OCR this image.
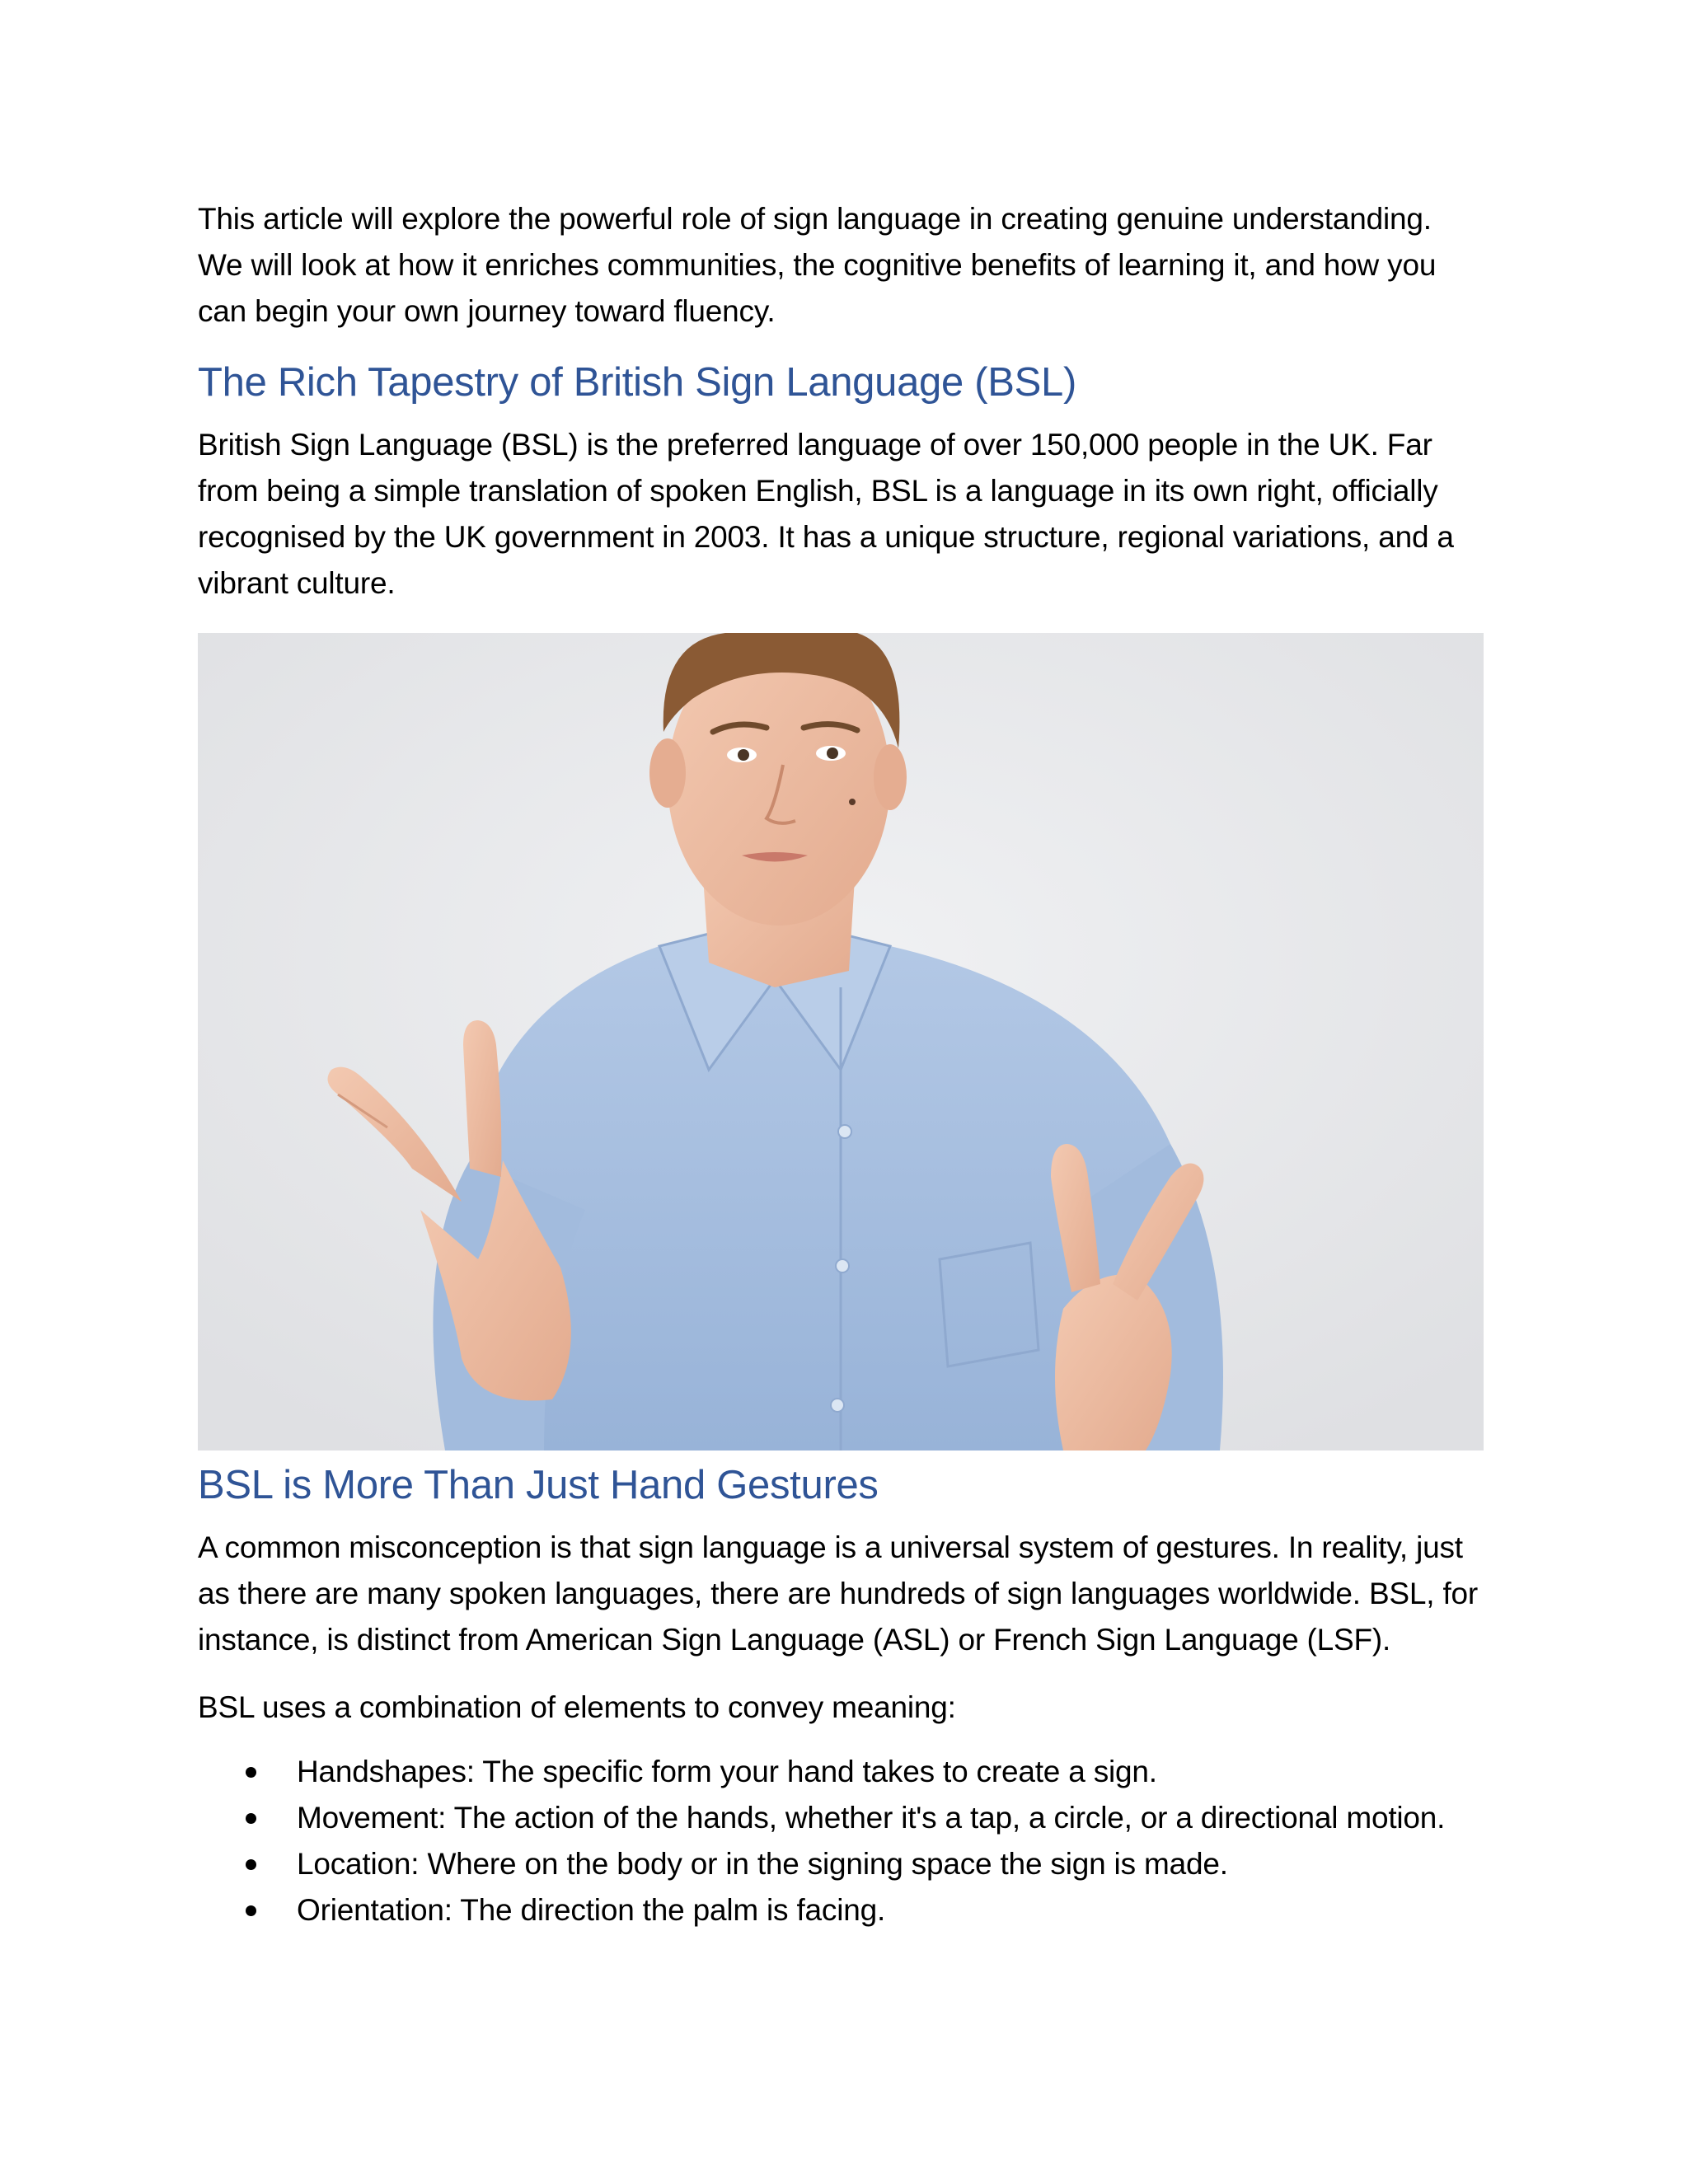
This article will explore the powerful role of sign language in creating genuine understanding. We will look at how it enriches communities, the cognitive benefits of learning it, and how you can begin your own journey toward fluency.

The Rich Tapestry of British Sign Language (BSL)

British Sign Language (BSL) is the preferred language of over 150,000 people in the UK. Far from being a simple translation of spoken English, BSL is a language in its own right, officially recognised by the UK government in 2003. It has a unique structure, regional variations, and a vibrant culture.

BSL is More Than Just Hand Gestures

A common misconception is that sign language is a universal system of gestures. In reality, just as there are many spoken languages, there are hundreds of sign languages worldwide. BSL, for instance, is distinct from American Sign Language (ASL) or French Sign Language (LSF).

BSL uses a combination of elements to convey meaning:

Handshapes: The specific form your hand takes to create a sign.
Movement: The action of the hands, whether it's a tap, a circle, or a directional motion.
Location: Where on the body or in the signing space the sign is made.
Orientation: The direction the palm is facing.
